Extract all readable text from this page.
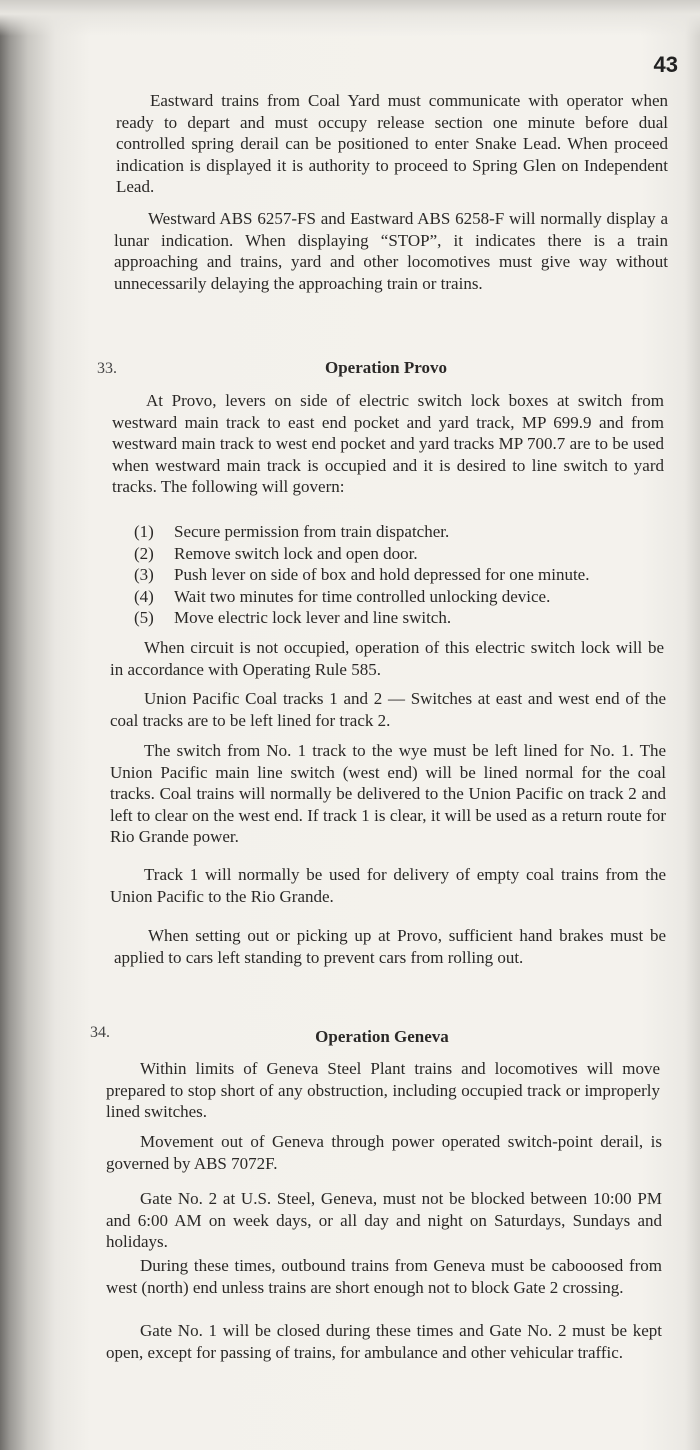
43

Eastward trains from Coal Yard must communicate with operator when ready to depart and must occupy release section one minute before dual controlled spring derail can be positioned to enter Snake Lead. When proceed indication is displayed it is authority to proceed to Spring Glen on Independent Lead.

Westward ABS 6257-FS and Eastward ABS 6258-F will normally display a lunar indication. When displaying “STOP”, it indicates there is a train approaching and trains, yard and other locomotives must give way without unnecessarily delaying the approaching train or trains.

33.	Operation Provo

At Provo, levers on side of electric switch lock boxes at switch from westward main track to east end pocket and yard track, MP 699.9 and from westward main track to west end pocket and yard tracks MP 700.7 are to be used when westward main track is occupied and it is desired to line switch to yard tracks. The following will govern:

(1)	Secure permission from train dispatcher.
(2)	Remove switch lock and open door.
(3)	Push lever on side of box and hold depressed for one minute.
(4)	Wait two minutes for time controlled unlocking device.
(5)	Move electric lock lever and line switch.

When circuit is not occupied, operation of this electric switch lock will be in accordance with Operating Rule 585.

Union Pacific Coal tracks 1 and 2 — Switches at east and west end of the coal tracks are to be left lined for track 2.

The switch from No. 1 track to the wye must be left lined for No. 1. The Union Pacific main line switch (west end) will be lined normal for the coal tracks. Coal trains will normally be delivered to the Union Pacific on track 2 and left to clear on the west end. If track 1 is clear, it will be used as a return route for Rio Grande power.

Track 1 will normally be used for delivery of empty coal trains from the Union Pacific to the Rio Grande.

When setting out or picking up at Provo, sufficient hand brakes must be applied to cars left standing to prevent cars from rolling out.

34.	Operation Geneva

Within limits of Geneva Steel Plant trains and locomotives will move prepared to stop short of any obstruction, including occupied track or improperly lined switches.

Movement out of Geneva through power operated switch-point derail, is governed by ABS 7072F.

Gate No. 2 at U.S. Steel, Geneva, must not be blocked between 10:00 PM and 6:00 AM on week days, or all day and night on Saturdays, Sundays and holidays.

During these times, outbound trains from Geneva must be cabooosed from west (north) end unless trains are short enough not to block Gate 2 crossing.

Gate No. 1 will be closed during these times and Gate No. 2 must be kept open, except for passing of trains, for ambulance and other vehicular traffic.
